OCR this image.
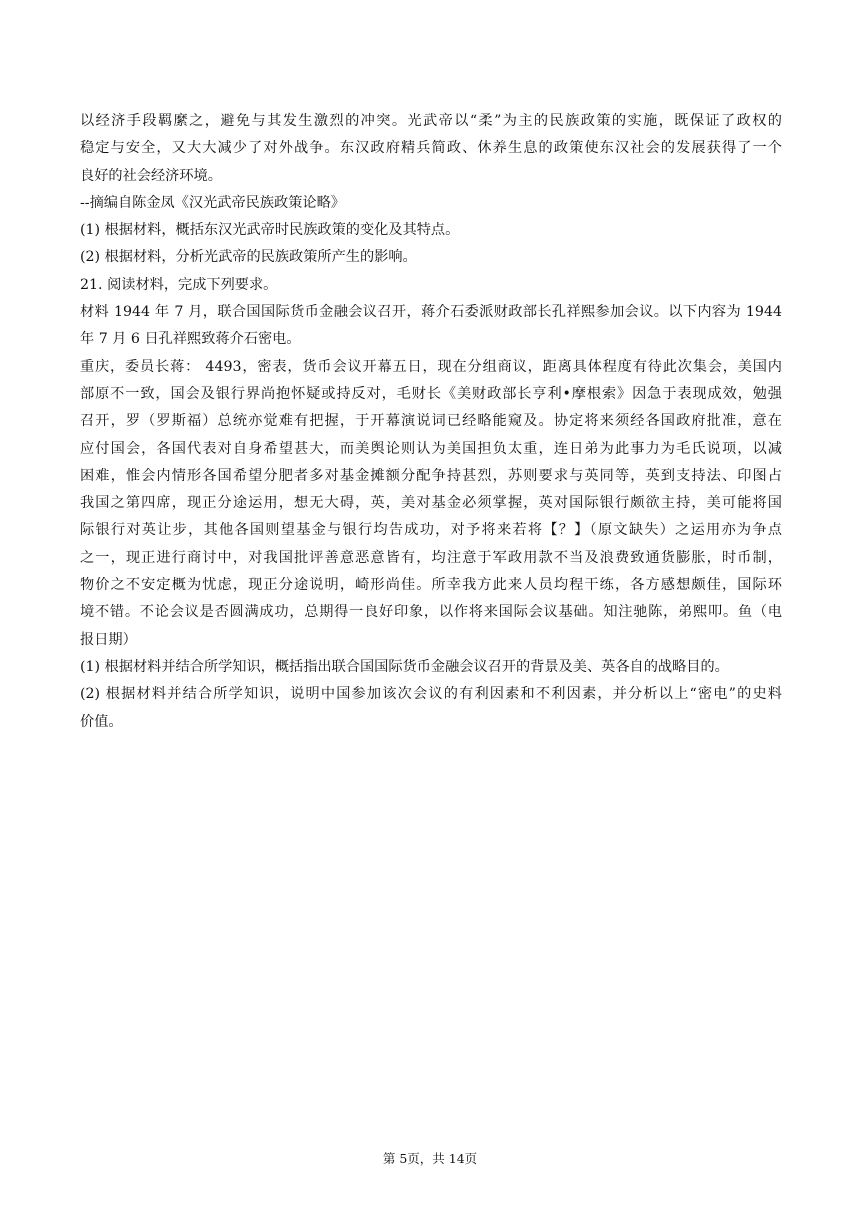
以经济手段羁縻之，避免与其发生激烈的冲突。光武帝以“柔”为主的民族政策的实施，既保证了政权的
稳定与安全，又大大减少了对外战争。东汉政府精兵简政、休养生息的政策使东汉社会的发展获得了一个
良好的社会经济环境。
--摘编自陈金凤《汉光武帝民族政策论略》
(1) 根据材料，概括东汉光武帝时民族政策的变化及其特点。
(2) 根据材料，分析光武帝的民族政策所产生的影响。
21. 阅读材料，完成下列要求。
材料 1944 年 7 月，联合国国际货币金融会议召开，蒋介石委派财政部长孔祥熙参加会议。以下内容为 1944
年 7 月 6 日孔祥熙致蒋介石密电。
重庆，委员长蒋： 4493，密表，货币会议开幕五日，现在分组商议，距离具体程度有待此次集会，美国内
部原不一致，国会及银行界尚抱怀疑或持反对，毛财长《美财政部长亨利•摩根索》因急于表现成效，勉强
召开，罗（罗斯福）总统亦觉难有把握，于开幕演说词已经略能窥及。协定将来须经各国政府批准，意在
应付国会，各国代表对自身希望甚大，而美舆论则认为美国担负太重，连日弟为此事力为毛氏说项，以减
困难，惟会内情形各国希望分肥者多对基金摊额分配争持甚烈，苏则要求与英同等，英到支持法、印图占
我国之第四席，现正分途运用，想无大碍，英，美对基金必须掌握，英对国际银行颇欲主持，美可能将国
际银行对英让步，其他各国则望基金与银行均告成功，对予将来若将【？】（原文缺失）之运用亦为争点
之一，现正进行商讨中，对我国批评善意恶意皆有，均注意于军政用款不当及浪费致通货膨胀，时币制，
物价之不安定概为忧虑，现正分途说明，崎形尚佳。所幸我方此来人员均程干练，各方感想颇佳，国际环
境不错。不论会议是否圆满成功，总期得一良好印象，以作将来国际会议基础。知注驰陈，弟熙叩。鱼（电
报日期）
(1) 根据材料并结合所学知识，概括指出联合国国际货币金融会议召开的背景及美、英各自的战略目的。
(2) 根据材料并结合所学知识，说明中国参加该次会议的有利因素和不利因素，并分析以上“密电”的史料
价值。
第 5页，共 14页
